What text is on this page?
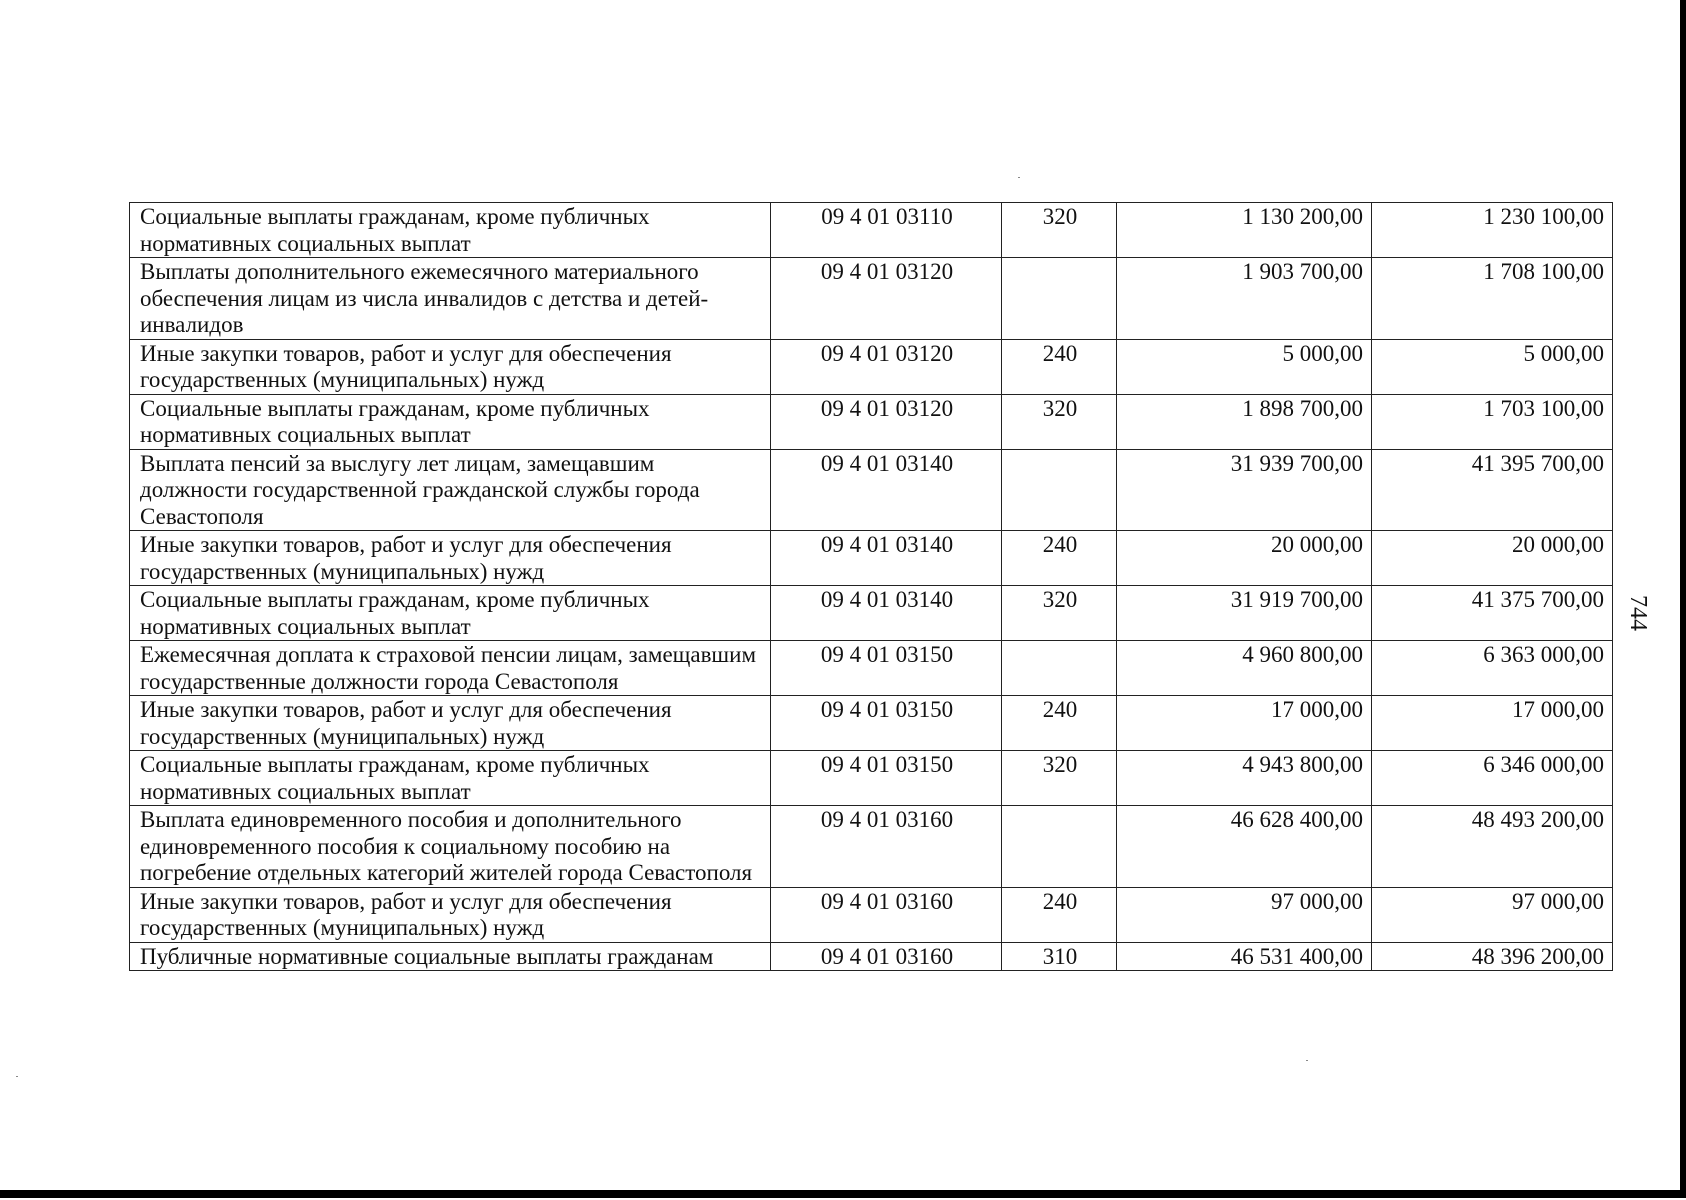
Социальные выплаты гражданам, кроме публичных нормативных социальных выплат	09 4 01 03110	320	1 130 200,00	1 230 100,00
Выплаты дополнительного ежемесячного материального обеспечения лицам из числа инвалидов с детства и детей-инвалидов	09 4 01 03120		1 903 700,00	1 708 100,00
Иные закупки товаров, работ и услуг для обеспечения государственных (муниципальных) нужд	09 4 01 03120	240	5 000,00	5 000,00
Социальные выплаты гражданам, кроме публичных нормативных социальных выплат	09 4 01 03120	320	1 898 700,00	1 703 100,00
Выплата пенсий за выслугу лет лицам, замещавшим должности государственной гражданской службы города Севастополя	09 4 01 03140		31 939 700,00	41 395 700,00
Иные закупки товаров, работ и услуг для обеспечения государственных (муниципальных) нужд	09 4 01 03140	240	20 000,00	20 000,00
Социальные выплаты гражданам, кроме публичных нормативных социальных выплат	09 4 01 03140	320	31 919 700,00	41 375 700,00
Ежемесячная доплата к страховой пенсии лицам, замещавшим государственные должности города Севастополя	09 4 01 03150		4 960 800,00	6 363 000,00
Иные закупки товаров, работ и услуг для обеспечения государственных (муниципальных) нужд	09 4 01 03150	240	17 000,00	17 000,00
Социальные выплаты гражданам, кроме публичных нормативных социальных выплат	09 4 01 03150	320	4 943 800,00	6 346 000,00
Выплата единовременного пособия и дополнительного единовременного пособия к социальному пособию на погребение отдельных категорий жителей города Севастополя	09 4 01 03160		46 628 400,00	48 493 200,00
Иные закупки товаров, работ и услуг для обеспечения государственных (муниципальных) нужд	09 4 01 03160	240	97 000,00	97 000,00
Публичные нормативные социальные выплаты гражданам	09 4 01 03160	310	46 531 400,00	48 396 200,00
744
